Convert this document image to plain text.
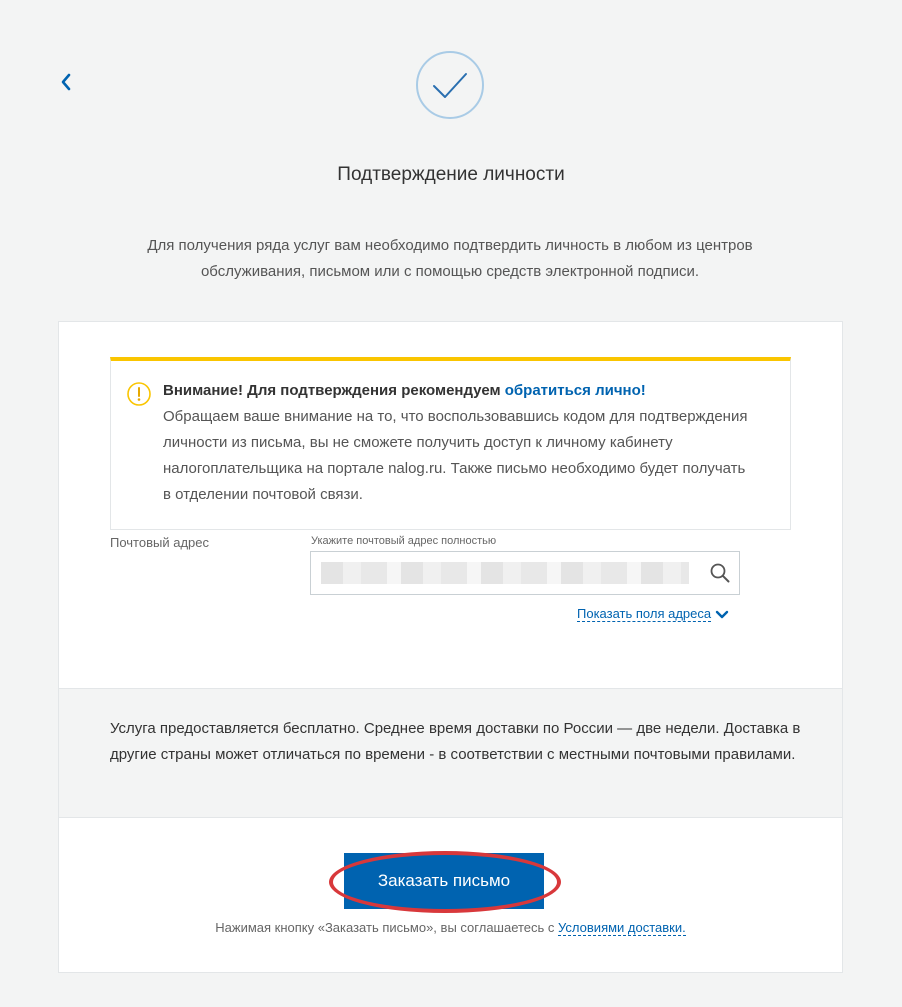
Подтверждение личности
Для получения ряда услуг вам необходимо подтвердить личность в любом из центров обслуживания, письмом или с помощью средств электронной подписи.
Внимание! Для подтверждения рекомендуем обратиться лично!
Обращаем ваше внимание на то, что воспользовавшись кодом для подтверждения личности из письма, вы не сможете получить доступ к личному кабинету налогоплательщика на портале nalog.ru. Также письмо необходимо будет получать в отделении почтовой связи.
Почтовый адрес	Укажите почтовый адрес полностью
Показать поля адреса
Услуга предоставляется бесплатно. Среднее время доставки по России — две недели. Доставка в другие страны может отличаться по времени - в соответствии с местными почтовыми правилами.
Заказать письмо
Нажимая кнопку «Заказать письмо», вы соглашаетесь с Условиями доставки.
